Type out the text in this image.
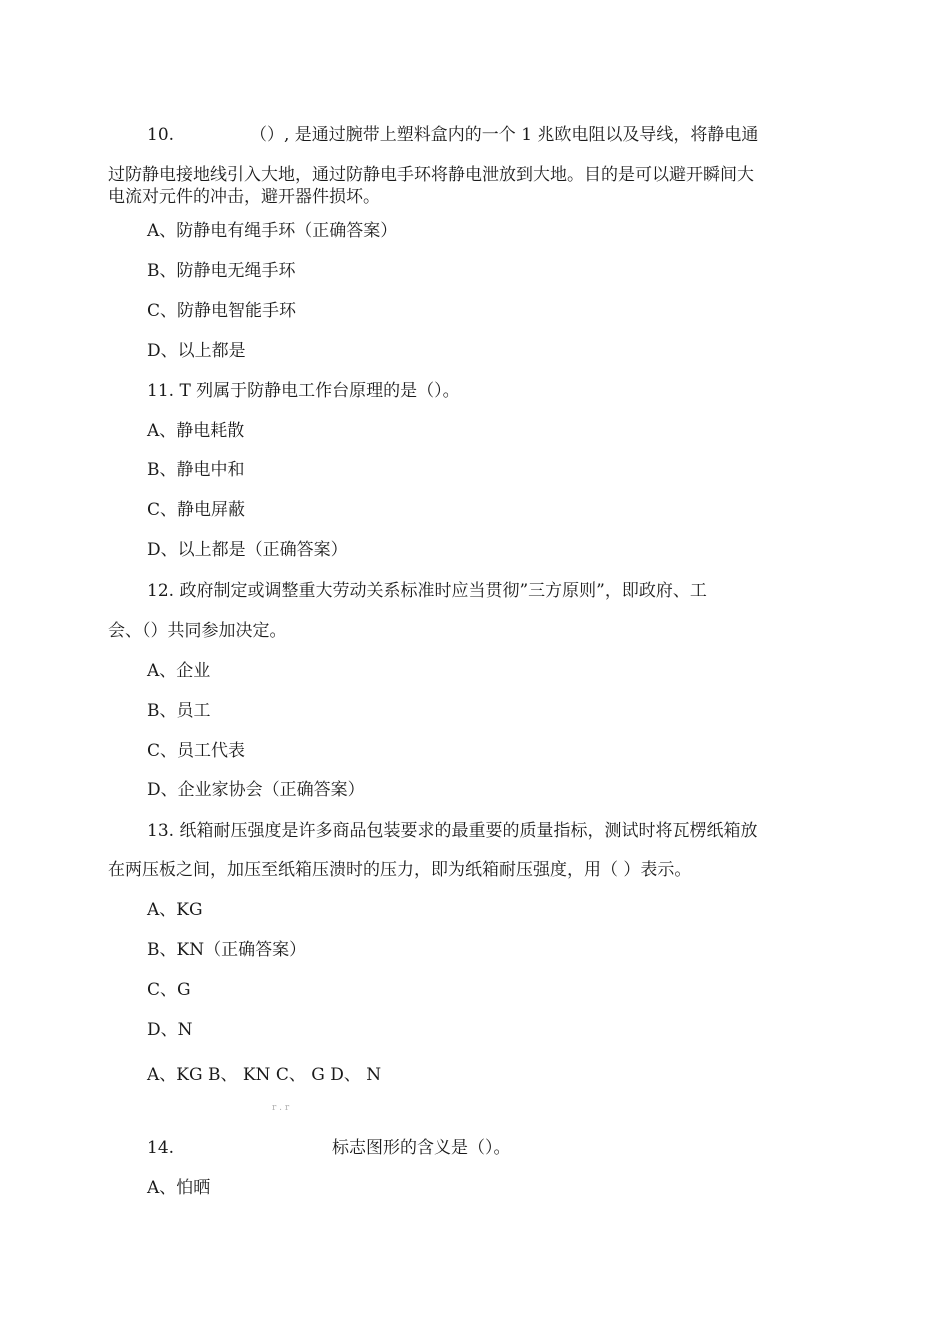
10.	（）, 是通过腕带上塑料盒内的一个 1 兆欧电阻以及导线，将静电通
过防静电接地线引入大地，通过防静电手环将静电泄放到大地。目的是可以避开瞬间大
电流对元件的冲击，避开器件损坏。
A、防静电有绳手环（正确答案）
B、防静电无绳手环
C、防静电智能手环
D、以上都是
11. T 列属于防静电工作台原理的是（）。
A、静电耗散
B、静电中和
C、静电屏蔽
D、以上都是（正确答案）
12. 政府制定或调整重大劳动关系标准时应当贯彻”三方原则”，即政府、工
会、（）共同参加决定。
A、企业
B、员工
C、员工代表
D、企业家协会（正确答案）
13. 纸箱耐压强度是许多商品包装要求的最重要的质量指标，测试时将瓦楞纸箱放
在两压板之间，加压至纸箱压溃时的压力，即为纸箱耐压强度，用（ ）表示。
A、KG
B、KN（正确答案）
C、G
D、N
A、KG B、 KN C、 G D、 N
r . r
14.	标志图形的含义是（）。
A、怕晒
